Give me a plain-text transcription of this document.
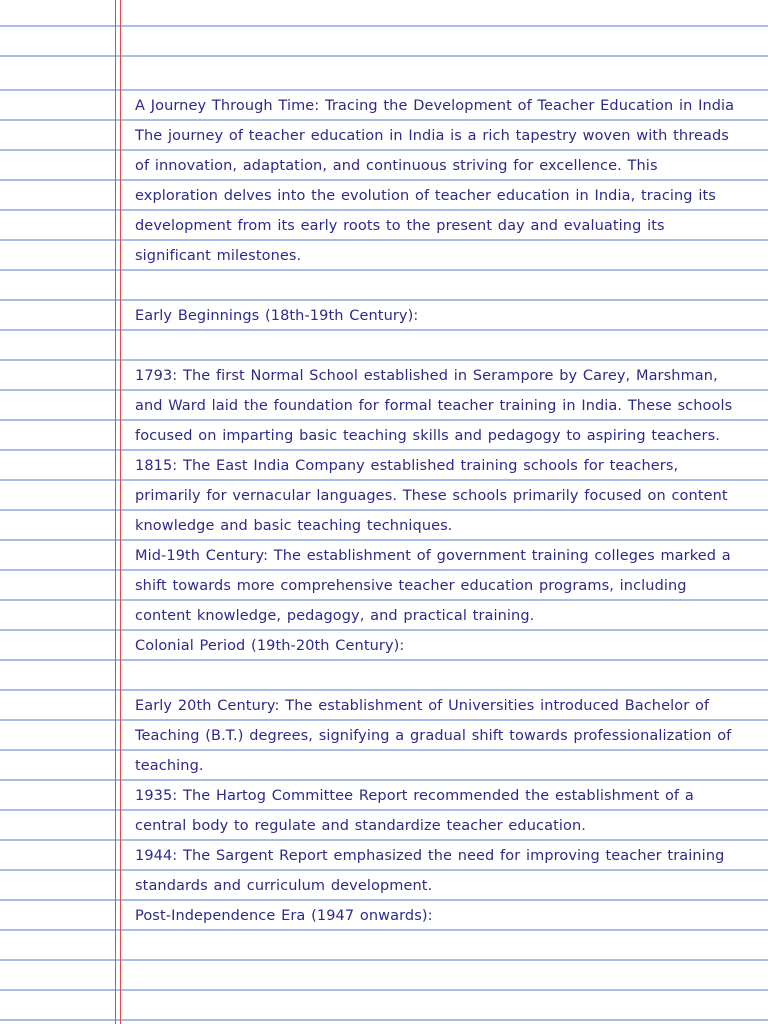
A Journey Through Time: Tracing the Development of Teacher Education in India

The journey of teacher education in India is a rich tapestry woven with threads of innovation, adaptation, and continuous striving for excellence. This exploration delves into the evolution of teacher education in India, tracing its development from its early roots to the present day and evaluating its significant milestones.

Early Beginnings (18th-19th Century):

1793: The first Normal School established in Serampore by Carey, Marshman, and Ward laid the foundation for formal teacher training in India. These schools focused on imparting basic teaching skills and pedagogy to aspiring teachers.

1815: The East India Company established training schools for teachers, primarily for vernacular languages. These schools primarily focused on content knowledge and basic teaching techniques.

Mid-19th Century: The establishment of government training colleges marked a shift towards more comprehensive teacher education programs, including content knowledge, pedagogy, and practical training.

Colonial Period (19th-20th Century):

Early 20th Century: The establishment of Universities introduced Bachelor of Teaching (B.T.) degrees, signifying a gradual shift towards professionalization of teaching.

1935: The Hartog Committee Report recommended the establishment of a central body to regulate and standardize teacher education.

1944: The Sargent Report emphasized the need for improving teacher training standards and curriculum development.

Post-Independence Era (1947 onwards):
